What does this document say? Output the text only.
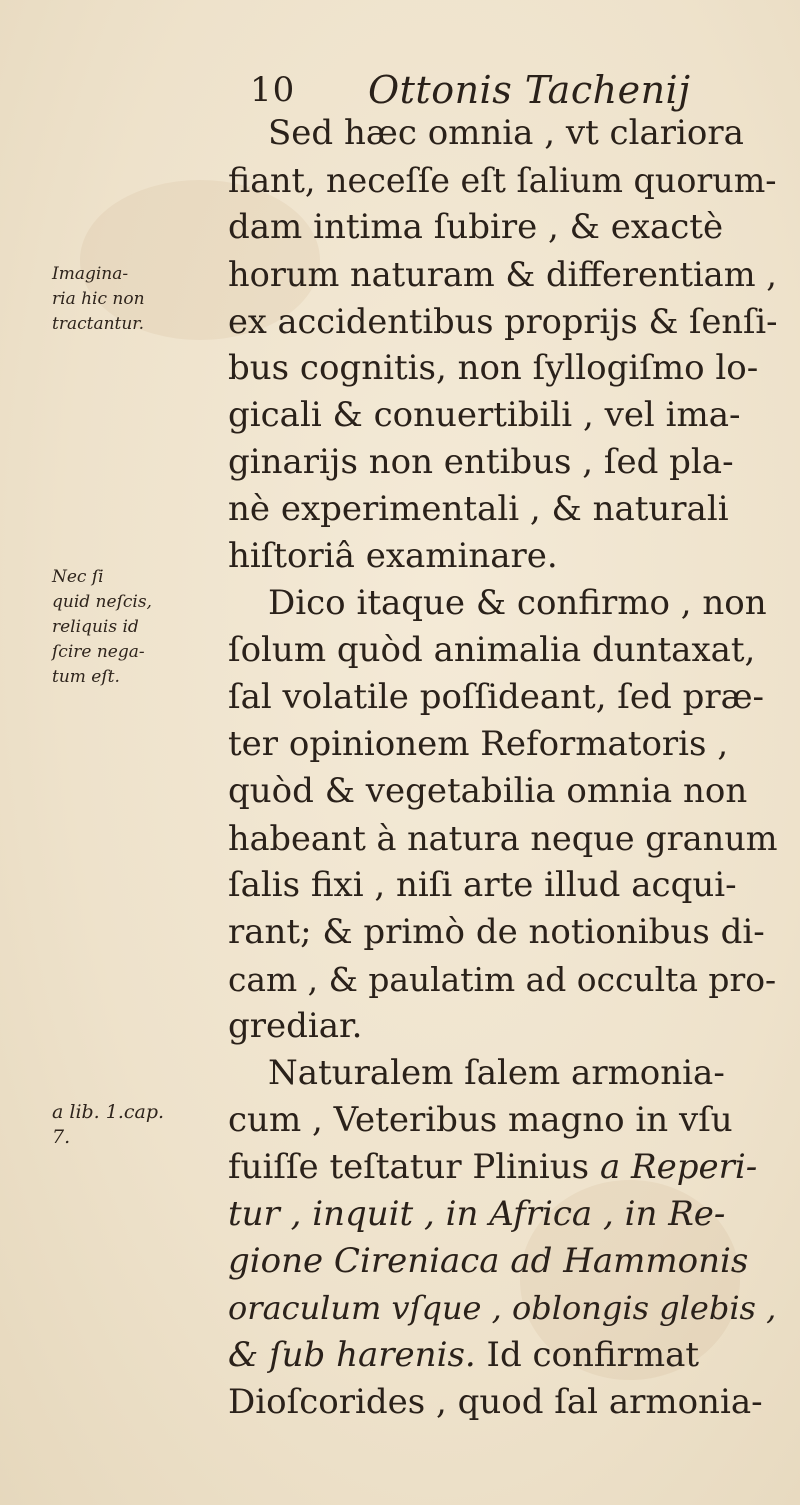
10 Ottonis Tachenij
Sed hæc omnia , vt clariora
fiant, neceſſe eſt ſalium quorum-
dam intima ſubire , & exactè
horum naturam & differentiam ,
ex accidentibus proprijs & ſenſi-
bus cognitis, non ſyllogiſmo lo-
gicali & conuertibili , vel ima-
ginarijs non entibus , ſed pla-
nè experimentali , & naturali
hiſtoriâ examinare.
Dico itaque & confirmo , non
ſolum quòd animalia duntaxat,
ſal volatile poſſideant, ſed præ-
ter opinionem Reformatoris ,
quòd & vegetabilia omnia non
habeant à natura neque granum
ſalis fixi , niſi arte illud acqui-
rant; & primò de notionibus di-
cam , & paulatim ad occulta pro-
grediar.
Naturalem ſalem armonia-
cum , Veteribus magno in vſu
fuiſſe teſtatur Plinius a Reperi-
tur , inquit , in Africa , in Re-
gione Cireniaca ad Hammonis
oraculum vſque , oblongis glebis ,
& ſub harenis. Id confirmat
Dioſcorides , quod ſal armonia-
Imagina-
ria hic non
tractantur.
Nec ſi
quid neſcis,
reliquis id
ſcire nega-
tum eſt.
a lib. 1.cap.
7.
